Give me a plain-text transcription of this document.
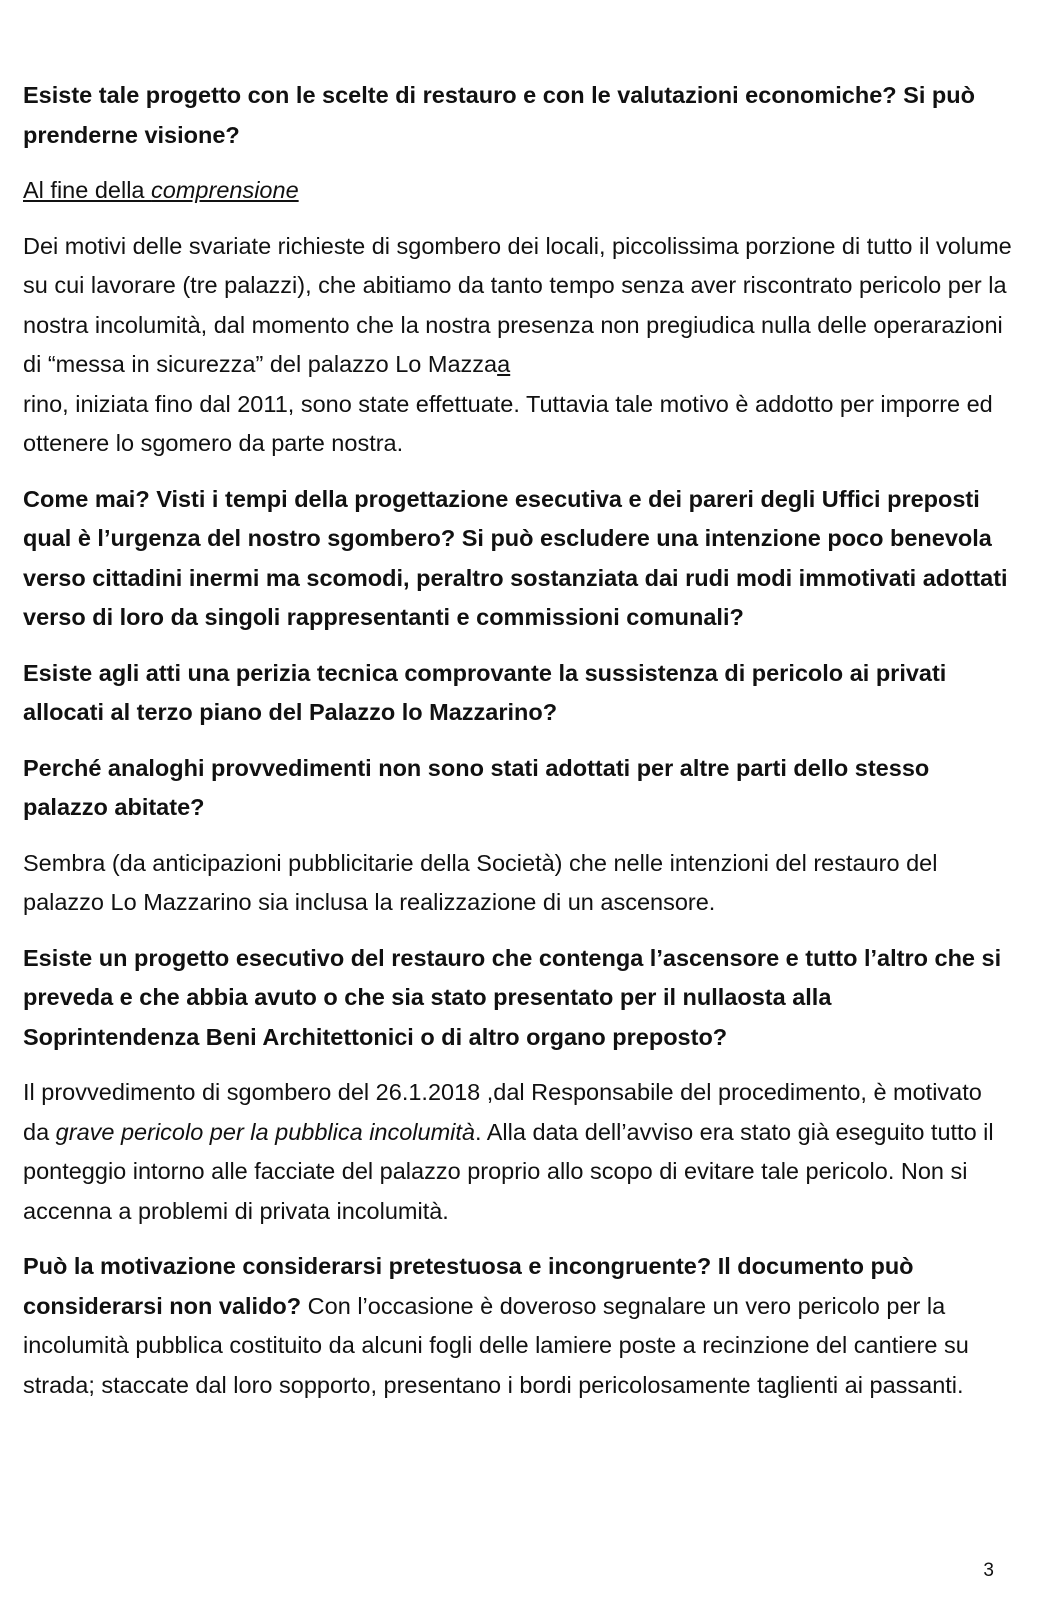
Esiste tale progetto con le scelte di restauro e con le valutazioni economiche? Si può prenderne visione?

Al fine della comprensione

Dei motivi delle svariate richieste di sgombero dei locali, piccolissima porzione di tutto il volume su cui lavorare (tre palazzi), che abitiamo da tanto tempo senza aver riscontrato pericolo per la nostra incolumità, dal momento che la nostra presenza non pregiudica nulla delle operarazioni di “messa in sicurezza” del palazzo Lo Mazzaa
rino, iniziata fino dal 2011, sono state effettuate. Tuttavia tale motivo è addotto per imporre ed ottenere lo sgomero da parte nostra.

Come mai? Visti i tempi della progettazione esecutiva e dei pareri degli Uffici preposti qual è l’urgenza del nostro sgombero? Si può escludere una intenzione poco benevola verso cittadini inermi ma scomodi, peraltro sostanziata dai rudi modi immotivati adottati verso di loro da singoli rappresentanti e commissioni comunali?

Esiste agli atti una perizia tecnica comprovante la sussistenza di pericolo ai privati allocati al terzo piano del Palazzo lo Mazzarino?

Perché analoghi provvedimenti non sono stati adottati per altre parti dello stesso palazzo abitate?

Sembra (da anticipazioni pubblicitarie della Società) che nelle intenzioni del restauro del palazzo Lo Mazzarino sia inclusa la realizzazione di un ascensore.

Esiste un progetto esecutivo del restauro che contenga l’ascensore e tutto l’altro che si preveda e che abbia avuto o che sia stato presentato per il nullaosta alla Soprintendenza Beni Architettonici o di altro organo preposto?

Il provvedimento di sgombero del 26.1.2018 ,dal Responsabile del procedimento, è motivato da grave pericolo per la pubblica incolumità. Alla data dell’avviso era stato già eseguito tutto il ponteggio intorno alle facciate del palazzo proprio allo scopo di evitare tale pericolo. Non si accenna a problemi di privata incolumità.

Può la motivazione considerarsi pretestuosa e incongruente? Il documento può considerarsi non valido? Con l’occasione è doveroso segnalare un vero pericolo per la incolumità pubblica costituito da alcuni fogli delle lamiere poste a recinzione del cantiere su strada; staccate dal loro sopporto, presentano i bordi pericolosamente taglienti ai passanti.

3
